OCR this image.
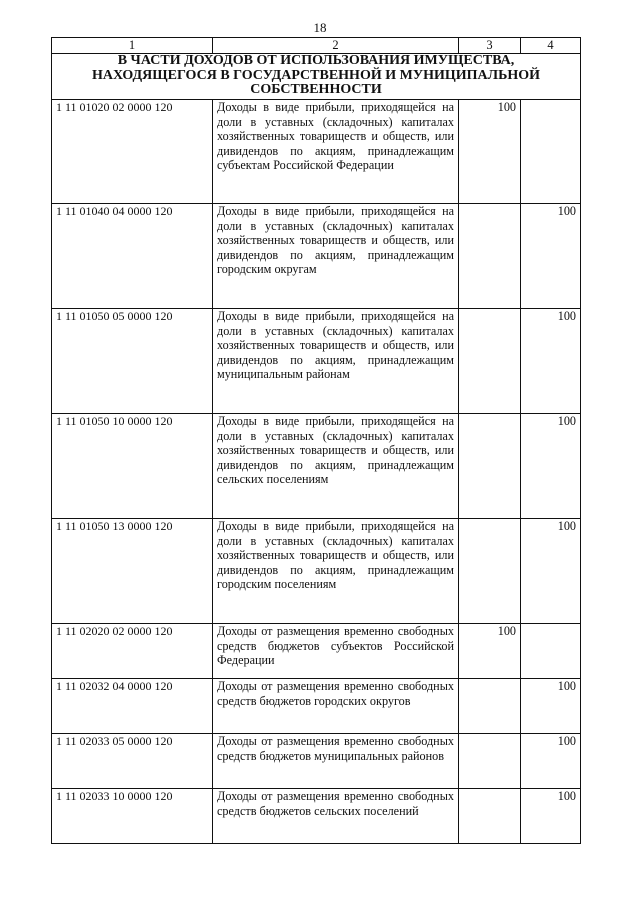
18
1	2	3	4
В ЧАСТИ ДОХОДОВ ОТ ИСПОЛЬЗОВАНИЯ ИМУЩЕСТВА, НАХОДЯЩЕГОСЯ В ГОСУДАРСТВЕННОЙ И МУНИЦИПАЛЬНОЙ СОБСТВЕННОСТИ			
1 11 01020 02 0000 120	Доходы в виде прибыли, приходящейся на доли в уставных (складочных) капиталах хозяйственных товариществ и обществ, или дивидендов по акциям, принадлежащим субъектам Российской Федерации	100	
1 11 01040 04 0000 120	Доходы в виде прибыли, приходящейся на доли в уставных (складочных) капиталах хозяйственных товариществ и обществ, или дивидендов по акциям, принадлежащим городским округам		100
1 11 01050 05 0000 120	Доходы в виде прибыли, приходящейся на доли в уставных (складочных) капиталах хозяйственных товариществ и обществ, или дивидендов по акциям, принадлежащим муниципальным районам		100
1 11 01050 10 0000 120	Доходы в виде прибыли, приходящейся на доли в уставных (складочных) капиталах хозяйственных товариществ и обществ, или дивидендов по акциям, принадлежащим сельских поселениям		100
1 11 01050 13 0000 120	Доходы в виде прибыли, приходящейся на доли в уставных (складочных) капиталах хозяйственных товариществ и обществ, или дивидендов по акциям, принадлежащим городским поселениям		100
1 11 02020 02 0000 120	Доходы от размещения временно свободных средств бюджетов субъектов Российской Федерации	100	
1 11 02032 04 0000 120	Доходы от размещения временно свободных средств бюджетов городских округов		100
1 11 02033 05 0000 120	Доходы от размещения временно свободных средств бюджетов муниципальных районов		100
1 11 02033 10 0000 120	Доходы от размещения временно свободных средств бюджетов сельских поселений		100
